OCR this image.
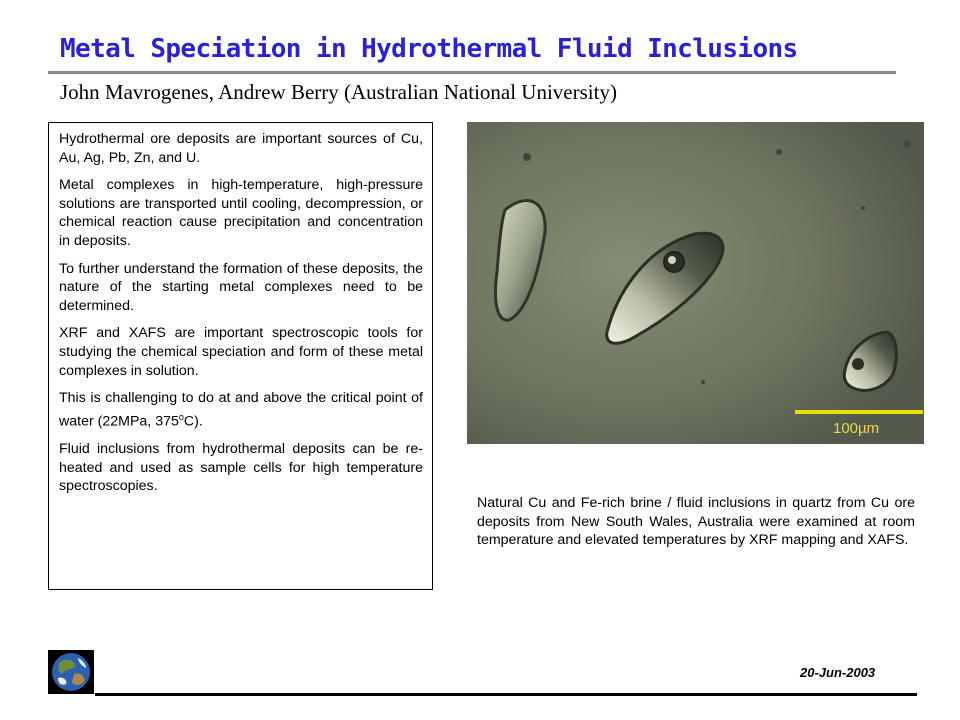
Metal Speciation in Hydrothermal Fluid Inclusions
John Mavrogenes, Andrew Berry (Australian National University)

Hydrothermal ore deposits are important sources of Cu, Au, Ag, Pb, Zn, and U.

Metal complexes in high-temperature, high-pressure solutions are transported until cooling, decompression, or chemical reaction cause precipitation and concentration in deposits.

To further understand the formation of these deposits, the nature of the starting metal complexes need to be determined.

XRF and XAFS are important spectroscopic tools for studying the chemical speciation and form of these metal complexes in solution.

This is challenging to do at and above the critical point of water (22MPa, 375$^o$C).

Fluid inclusions from hydrothermal deposits can be re-heated and used as sample cells for high temperature spectroscopies.

100µm
Natural Cu and Fe-rich brine / fluid inclusions in quartz from Cu ore deposits from New South Wales, Australia were examined at room temperature and elevated temperatures by XRF mapping and XAFS.
20-Jun-2003
